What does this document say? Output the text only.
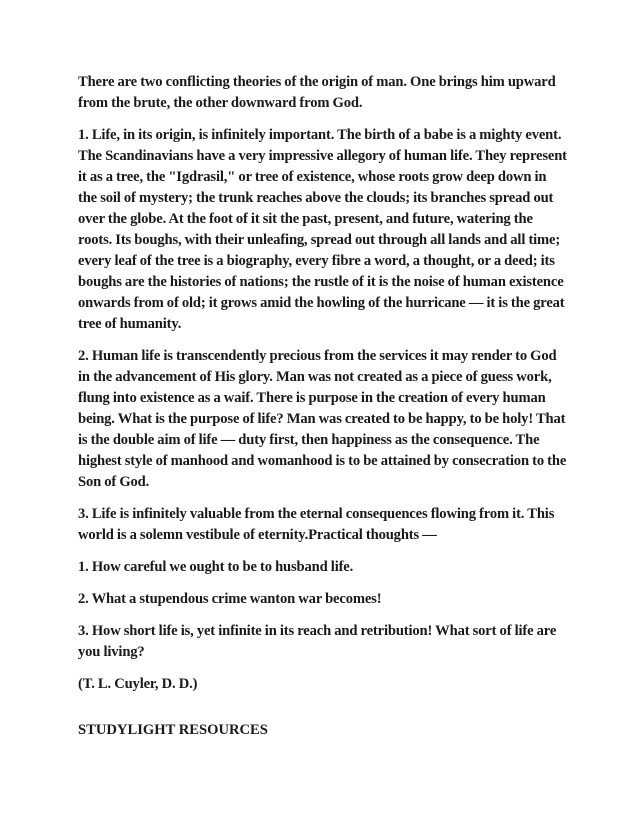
There are two conflicting theories of the origin of man. One brings him upward from the brute, the other downward from God.

1. Life, in its origin, is infinitely important. The birth of a babe is a mighty event. The Scandinavians have a very impressive allegory of human life. They represent it as a tree, the "Igdrasil," or tree of existence, whose roots grow deep down in the soil of mystery; the trunk reaches above the clouds; its branches spread out over the globe. At the foot of it sit the past, present, and future, watering the roots. Its boughs, with their unleafing, spread out through all lands and all time; every leaf of the tree is a biography, every fibre a word, a thought, or a deed; its boughs are the histories of nations; the rustle of it is the noise of human existence onwards from of old; it grows amid the howling of the hurricane — it is the great tree of humanity.

2. Human life is transcendently precious from the services it may render to God in the advancement of His glory. Man was not created as a piece of guess work, flung into existence as a waif. There is purpose in the creation of every human being. What is the purpose of life? Man was created to be happy, to be holy! That is the double aim of life — duty first, then happiness as the consequence. The highest style of manhood and womanhood is to be attained by consecration to the Son of God.

3. Life is infinitely valuable from the eternal consequences flowing from it. This world is a solemn vestibule of eternity.Practical thoughts —

1. How careful we ought to be to husband life.

2. What a stupendous crime wanton war becomes!

3. How short life is, yet infinite in its reach and retribution! What sort of life are you living?

(T. L. Cuyler, D. D.)

STUDYLIGHT RESOURCES
